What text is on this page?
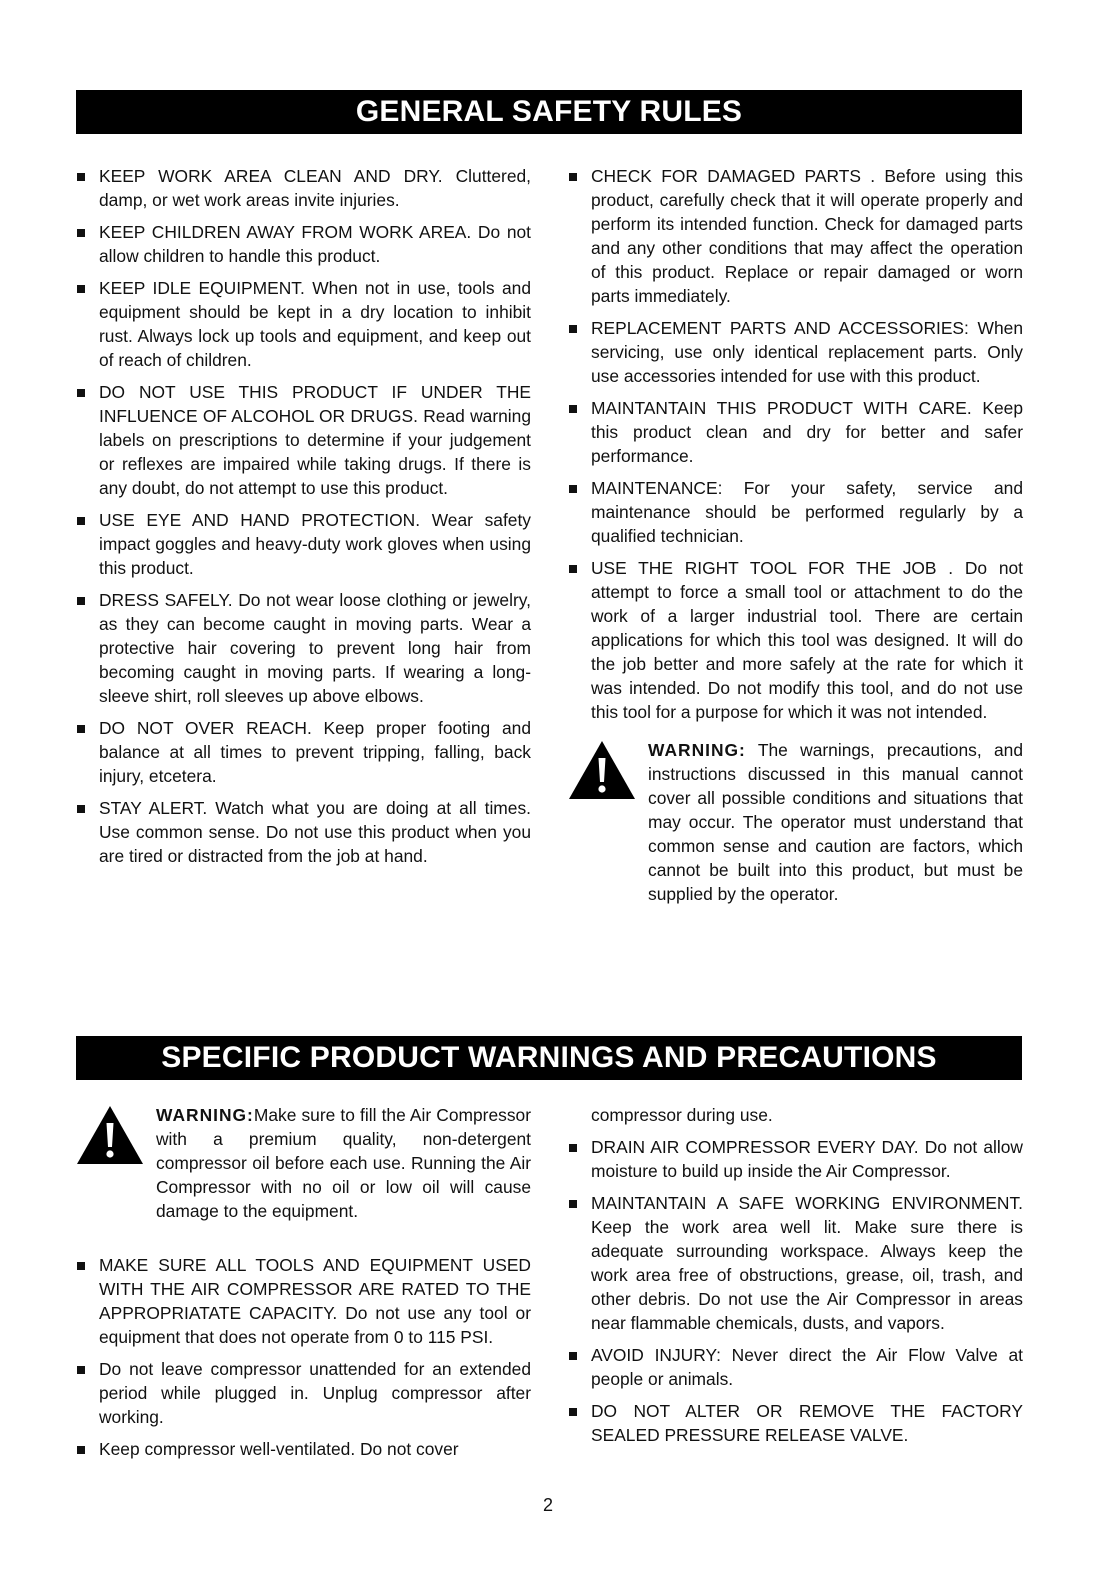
GENERAL SAFETY RULES
KEEP WORK AREA CLEAN AND DRY. Cluttered, damp, or wet work areas invite injuries.
KEEP CHILDREN AWAY FROM WORK AREA. Do not allow children to handle this product.
KEEP IDLE EQUIPMENT. When not in use, tools and equipment should be kept in a dry location to inhibit rust. Always lock up tools and equipment, and keep out of reach of children.
DO NOT USE THIS PRODUCT IF UNDER THE INFLUENCE OF ALCOHOL OR DRUGS. Read warning labels on prescriptions to determine if your judgement or reflexes are impaired while taking drugs. If there is any doubt, do not attempt to use this product.
USE EYE AND HAND PROTECTION. Wear safety impact goggles and heavy-duty work gloves when using this product.
DRESS SAFELY. Do not wear loose clothing or jewelry, as they can become caught in moving parts. Wear a protective hair covering to prevent long hair from becoming caught in moving parts. If wearing a long-sleeve shirt, roll sleeves up above elbows.
DO NOT OVER REACH. Keep proper footing and balance at all times to prevent tripping, falling, back injury, etcetera.
STAY ALERT. Watch what you are doing at all times. Use common sense. Do not use this product when you are tired or distracted from the job at hand.
CHECK FOR DAMAGED PARTS . Before using this product, carefully check that it will operate properly and perform its intended function. Check for damaged parts and any other conditions that may affect the operation of this product. Replace or repair damaged or worn parts immediately.
REPLACEMENT PARTS AND ACCESSORIES: When servicing, use only identical replacement parts. Only use accessories intended for use with this product.
MAINTANTAIN THIS PRODUCT WITH CARE. Keep this product clean and dry for better and safer performance.
MAINTENANCE: For your safety, service and maintenance should be performed regularly by a qualified technician.
USE THE RIGHT TOOL FOR THE JOB . Do not attempt to force a small tool or attachment to do the work of a larger industrial tool. There are certain applications for which this tool was designed. It will do the job better and more safely at the rate for which it was intended. Do not modify this tool, and do not use this tool for a purpose for which it was not intended.
WARNING: The warnings, precautions, and instructions discussed in this manual cannot cover all possible conditions and situations that may occur. The operator must understand that common sense and caution are factors, which cannot be built into this product, but must be supplied by the operator.
SPECIFIC PRODUCT WARNINGS AND PRECAUTIONS
WARNING:Make sure to fill the Air Compressor with a premium quality, non-detergent compressor oil before each use. Running the Air Compressor with no oil or low oil will cause damage to the equipment.
MAKE SURE ALL TOOLS AND EQUIPMENT USED WITH THE AIR COMPRESSOR ARE RATED TO THE APPROPRIATATE CAPACITY. Do not use any tool or equipment that does not operate from 0 to 115 PSI.
Do not leave compressor unattended for an extended period while plugged in. Unplug compressor after working.
Keep compressor well-ventilated. Do not cover
compressor during use.
DRAIN AIR COMPRESSOR EVERY DAY. Do not allow moisture to build up inside the Air Compressor.
MAINTANTAIN A SAFE WORKING ENVIRONMENT. Keep the work area well lit. Make sure there is adequate surrounding workspace. Always keep the work area free of obstructions, grease, oil, trash, and other debris. Do not use the Air Compressor in areas near flammable chemicals, dusts, and vapors.
AVOID INJURY: Never direct the Air Flow Valve at people or animals.
DO NOT ALTER OR REMOVE THE FACTORY SEALED PRESSURE RELEASE VALVE.
2
